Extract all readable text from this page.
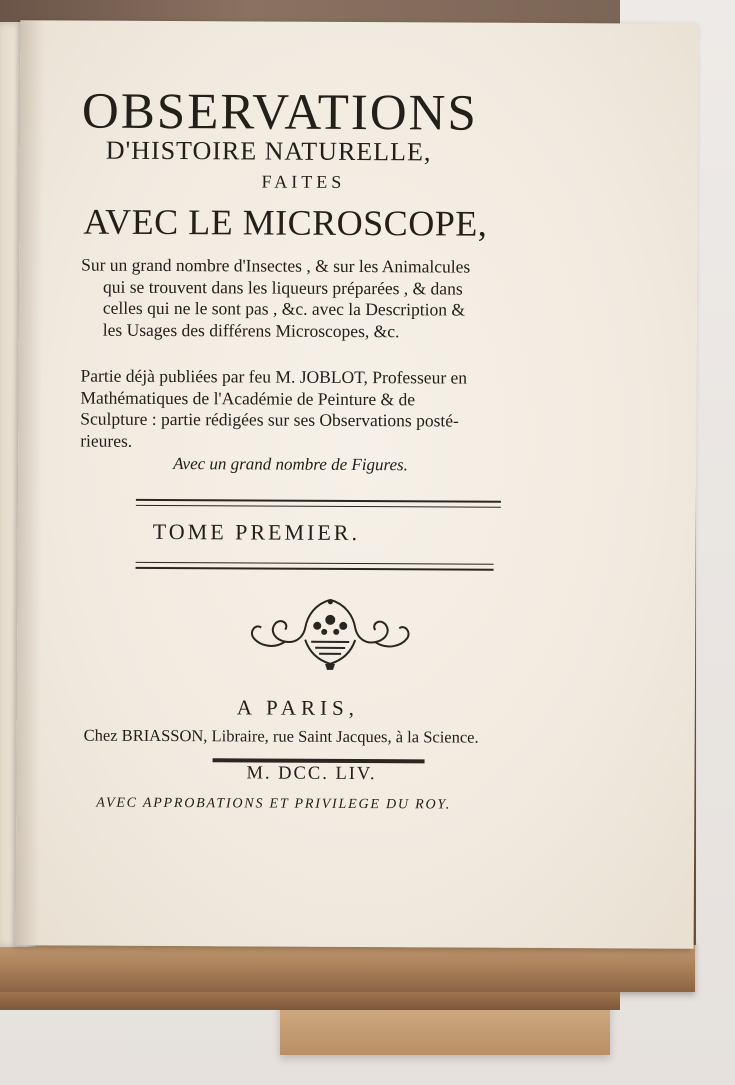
OBSERVATIONS
D'HISTOIRE NATURELLE,
FAITES
AVEC LE MICROSCOPE,
Sur un grand nombre d'Insectes , & sur les Animalcules
qui se trouvent dans les liqueurs préparées , & dans
celles qui ne le sont pas , &c. avec la Description &
les Usages des différens Microscopes, &c.
Partie déjà publiées par feu M. JOBLOT, Professeur en
Mathématiques de l'Académie de Peinture & de
Sculpture : partie rédigées sur ses Observations posté-
rieures.
Avec un grand nombre de Figures.
TOME PREMIER.
A PARIS,
Chez BRIASSON, Libraire, rue Saint Jacques, à la Science.
M. DCC. LIV.
AVEC APPROBATIONS ET PRIVILEGE DU ROY.
